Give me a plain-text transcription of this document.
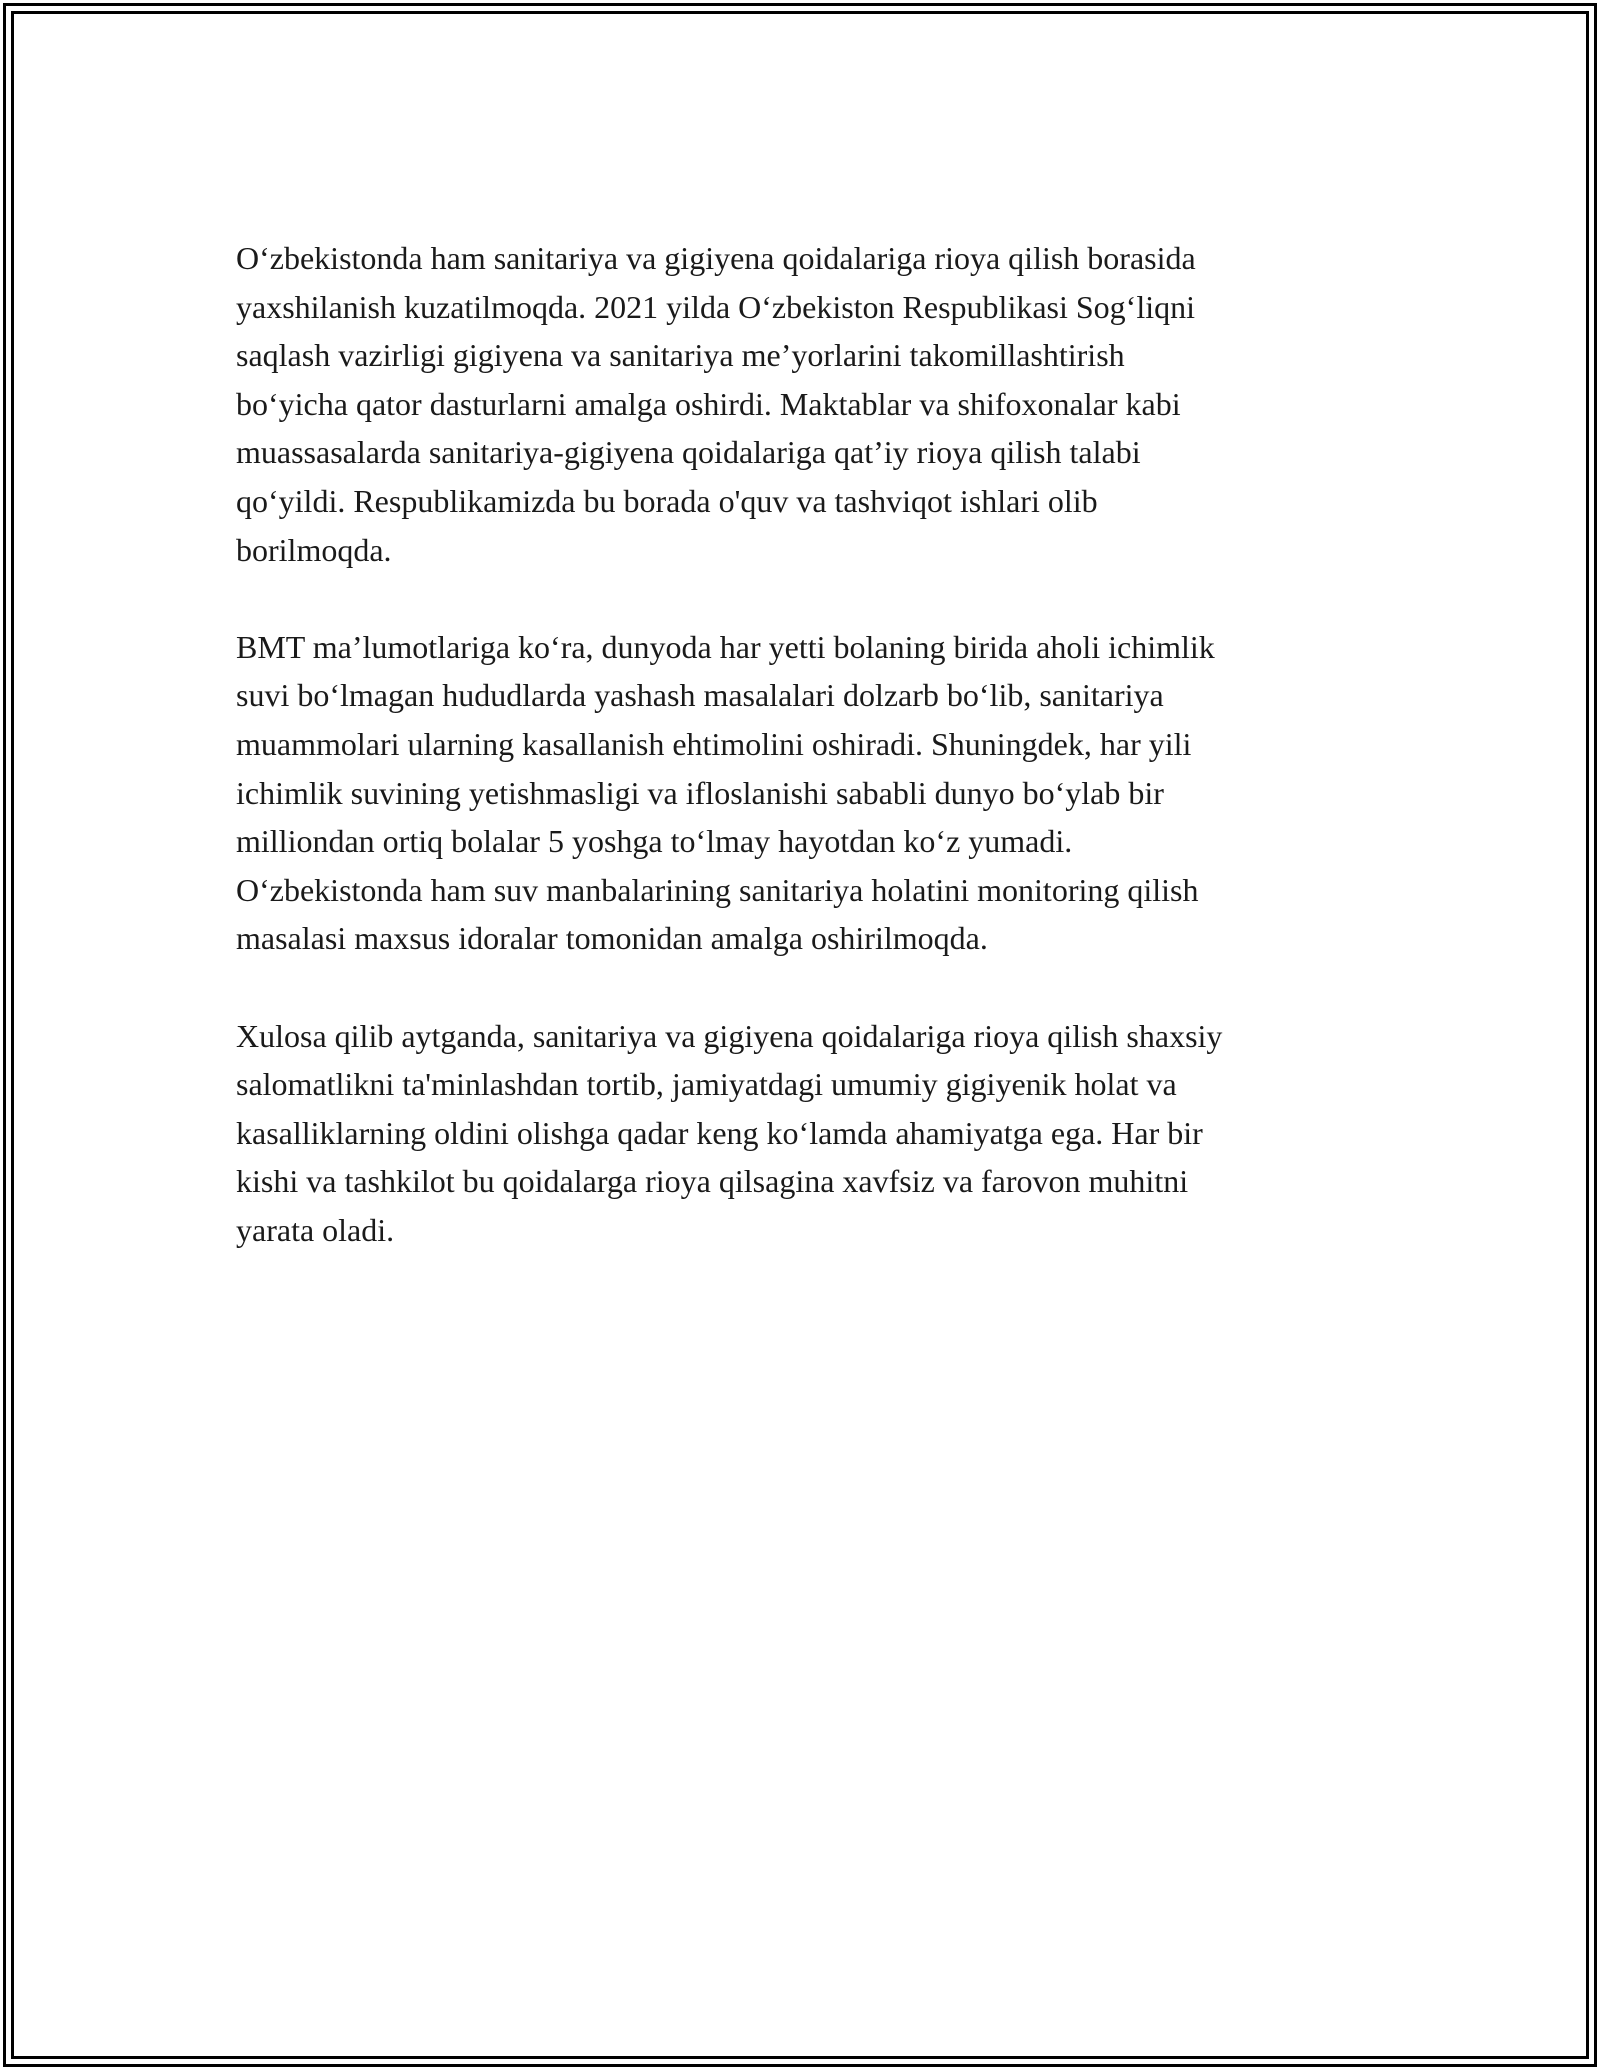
O‘zbekistonda ham sanitariya va gigiyena qoidalariga rioya qilish borasida
yaxshilanish kuzatilmoqda. 2021 yilda O‘zbekiston Respublikasi Sog‘liqni
saqlash vazirligi gigiyena va sanitariya me’yorlarini takomillashtirish
bo‘yicha qator dasturlarni amalga oshirdi. Maktablar va shifoxonalar kabi
muassasalarda sanitariya-gigiyena qoidalariga qat’iy rioya qilish talabi
qo‘yildi. Respublikamizda bu borada o'quv va tashviqot ishlari olib
borilmoqda.

BMT ma’lumotlariga ko‘ra, dunyoda har yetti bolaning birida aholi ichimlik
suvi bo‘lmagan hududlarda yashash masalalari dolzarb bo‘lib, sanitariya
muammolari ularning kasallanish ehtimolini oshiradi. Shuningdek, har yili
ichimlik suvining yetishmasligi va ifloslanishi sababli dunyo bo‘ylab bir
milliondan ortiq bolalar 5 yoshga to‘lmay hayotdan ko‘z yumadi.
O‘zbekistonda ham suv manbalarining sanitariya holatini monitoring qilish
masalasi maxsus idoralar tomonidan amalga oshirilmoqda.

Xulosa qilib aytganda, sanitariya va gigiyena qoidalariga rioya qilish shaxsiy
salomatlikni ta'minlashdan tortib, jamiyatdagi umumiy gigiyenik holat va
kasalliklarning oldini olishga qadar keng ko‘lamda ahamiyatga ega. Har bir
kishi va tashkilot bu qoidalarga rioya qilsagina xavfsiz va farovon muhitni
yarata oladi.
